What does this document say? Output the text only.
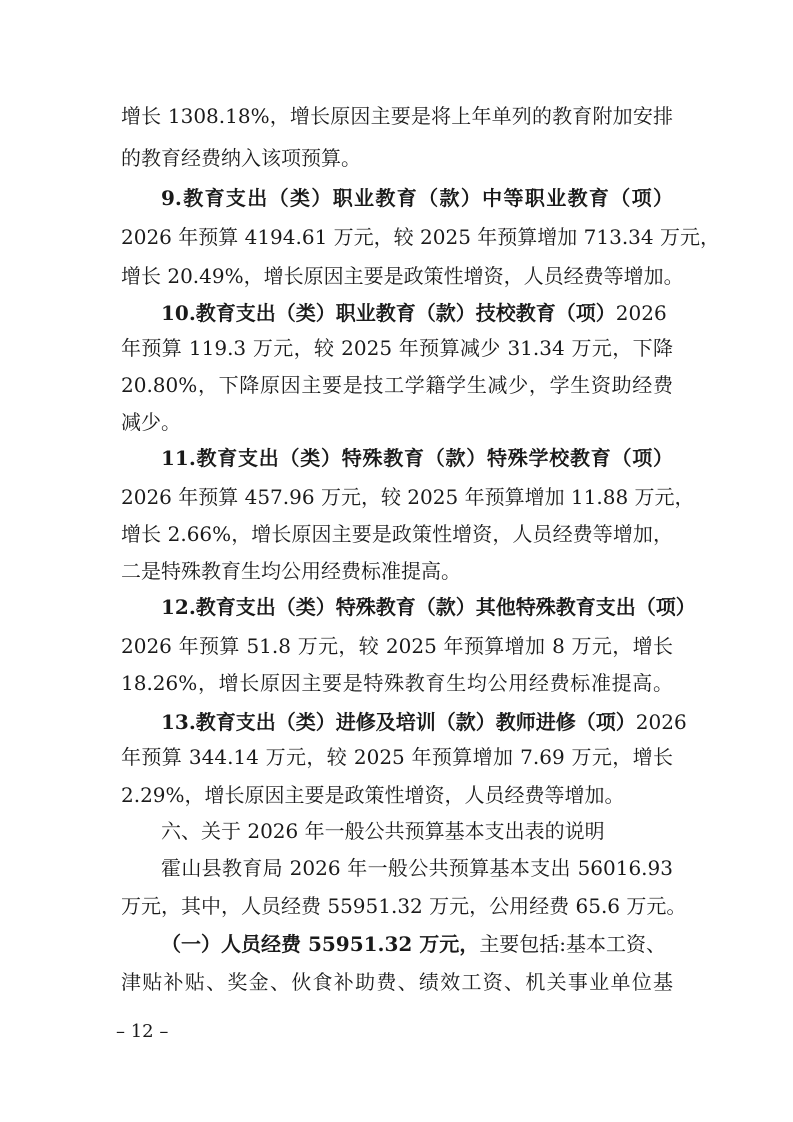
增长 1308.18%，增长原因主要是将上年单列的教育附加安排
的教育经费纳入该项预算。
9.教育支出（类）职业教育（款）中等职业教育（项）
2026 年预算 4194.61 万元，较 2025 年预算增加 713.34 万元，
增长 20.49%，增长原因主要是政策性增资，人员经费等增加。
10.教育支出（类）职业教育（款）技校教育（项）2026
年预算 119.3 万元，较 2025 年预算减少 31.34 万元，下降
20.80%，下降原因主要是技工学籍学生减少，学生资助经费
减少。
11.教育支出（类）特殊教育（款）特殊学校教育（项）
2026 年预算 457.96 万元，较 2025 年预算增加 11.88 万元，
增长 2.66%，增长原因主要是政策性增资，人员经费等增加，
二是特殊教育生均公用经费标准提高。
12.教育支出（类）特殊教育（款）其他特殊教育支出（项）
2026 年预算 51.8 万元，较 2025 年预算增加 8 万元，增长
18.26%，增长原因主要是特殊教育生均公用经费标准提高。
13.教育支出（类）进修及培训（款）教师进修（项）2026
年预算 344.14 万元，较 2025 年预算增加 7.69 万元，增长
2.29%，增长原因主要是政策性增资，人员经费等增加。
六、关于 2026 年一般公共预算基本支出表的说明
霍山县教育局 2026 年一般公共预算基本支出 56016.93
万元，其中，人员经费 55951.32 万元，公用经费 65.6 万元。
（一）人员经费 55951.32 万元，主要包括:基本工资、
津贴补贴、奖金、伙食补助费、绩效工资、机关事业单位基
– 12 –
